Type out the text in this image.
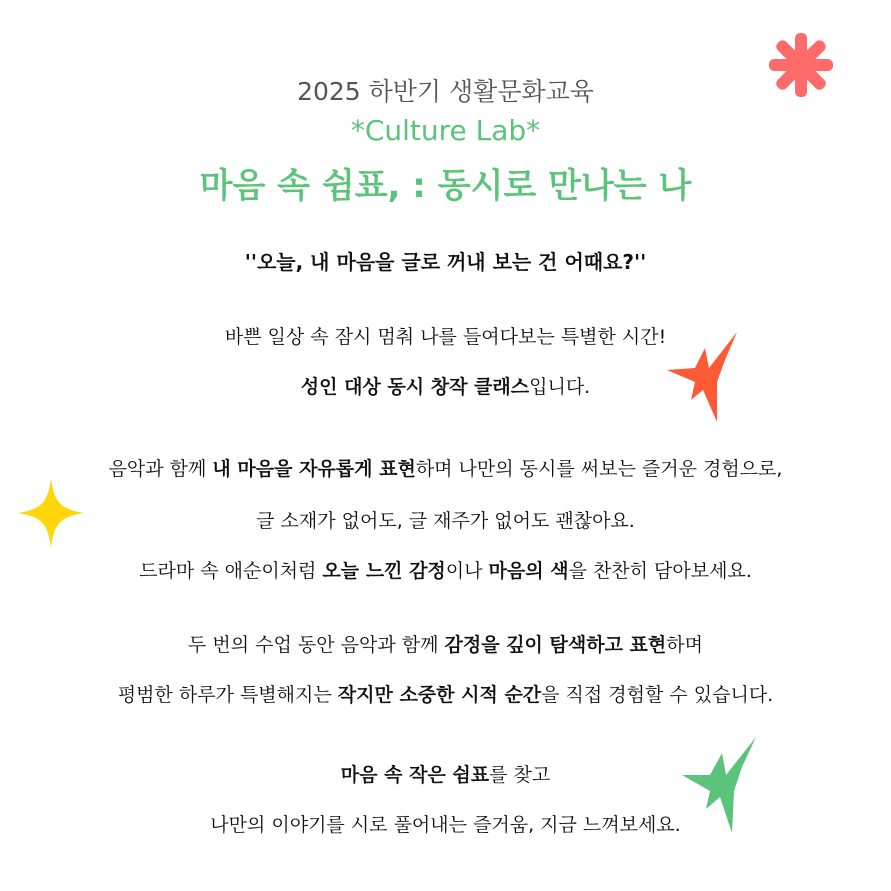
2025 하반기 생활문화교육
*Culture Lab*
마음 속 쉼표, : 동시로 만나는 나
''오늘, 내 마음을 글로 꺼내 보는 건 어때요?''
바쁜 일상 속 잠시 멈춰 나를 들여다보는 특별한 시간!
성인 대상 동시 창작 클래스입니다.
음악과 함께 내 마음을 자유롭게 표현하며 나만의 동시를 써보는 즐거운 경험으로,
글 소재가 없어도, 글 재주가 없어도 괜찮아요.
드라마 속 애순이처럼 오늘 느낀 감정이나 마음의 색을 찬찬히 담아보세요.
두 번의 수업 동안 음악과 함께 감정을 깊이 탐색하고 표현하며
평범한 하루가 특별해지는 작지만 소중한 시적 순간을 직접 경험할 수 있습니다.
마음 속 작은 쉼표를 찾고
나만의 이야기를 시로 풀어내는 즐거움, 지금 느껴보세요.
